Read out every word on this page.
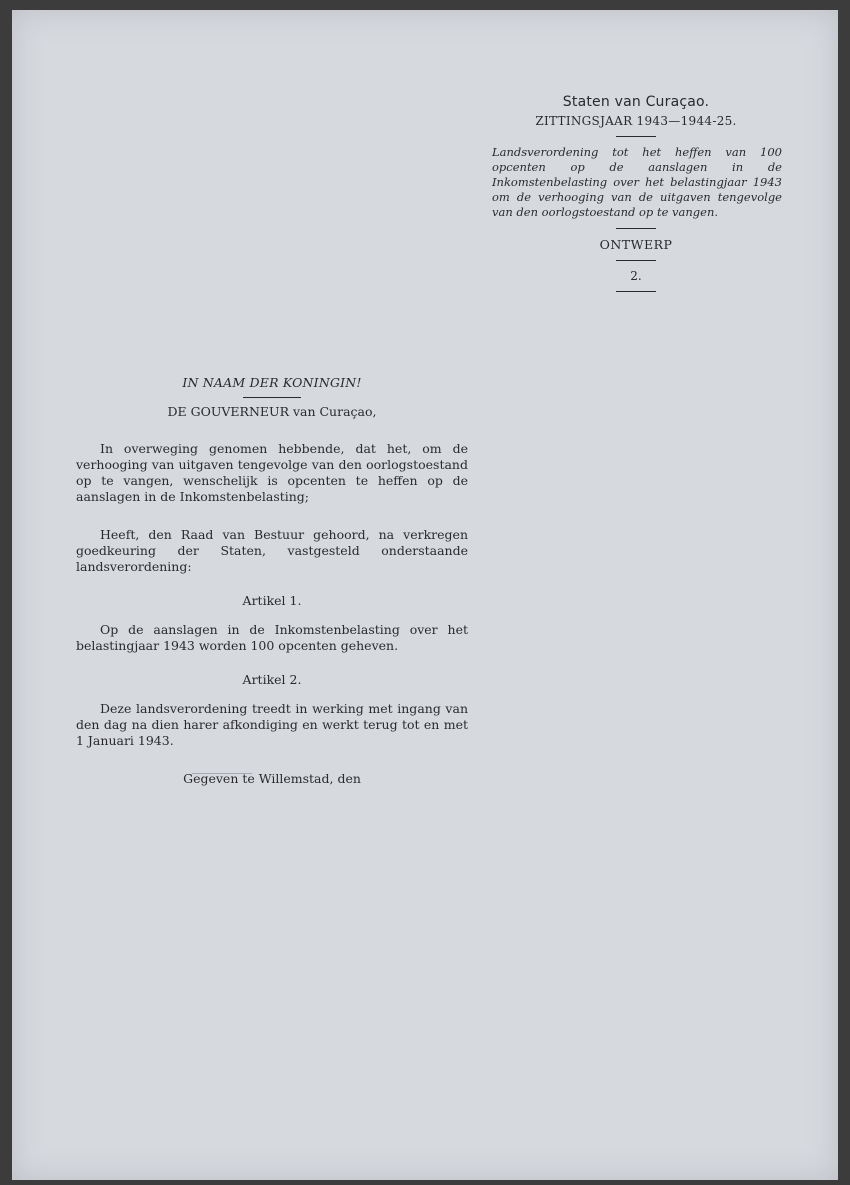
Staten van Curaçao.

ZITTINGSJAAR 1943—1944-25.

Landsverordening tot het heffen van 100 opcenten op de aanslagen in de Inkomstenbelasting over het belastingjaar 1943 om de verhooging van de uitgaven tengevolge van den oorlogstoestand op te vangen.

ONTWERP

2.

IN NAAM DER KONINGIN!

DE GOUVERNEUR van Curaçao,

In overweging genomen hebbende, dat het, om de verhooging van uitgaven tengevolge van den oorlogstoestand op te vangen, wenschelijk is opcenten te heffen op de aanslagen in de Inkomstenbelasting;

Heeft, den Raad van Bestuur gehoord, na verkregen goedkeuring der Staten, vastgesteld onderstaande landsverordening:

Artikel 1.

Op de aanslagen in de Inkomstenbelasting over het belastingjaar 1943 worden 100 opcenten geheven.

Artikel 2.

Deze landsverordening treedt in werking met ingang van den dag na dien harer afkondiging en werkt terug tot en met 1 Januari 1943.

Gegeven te Willemstad, den
